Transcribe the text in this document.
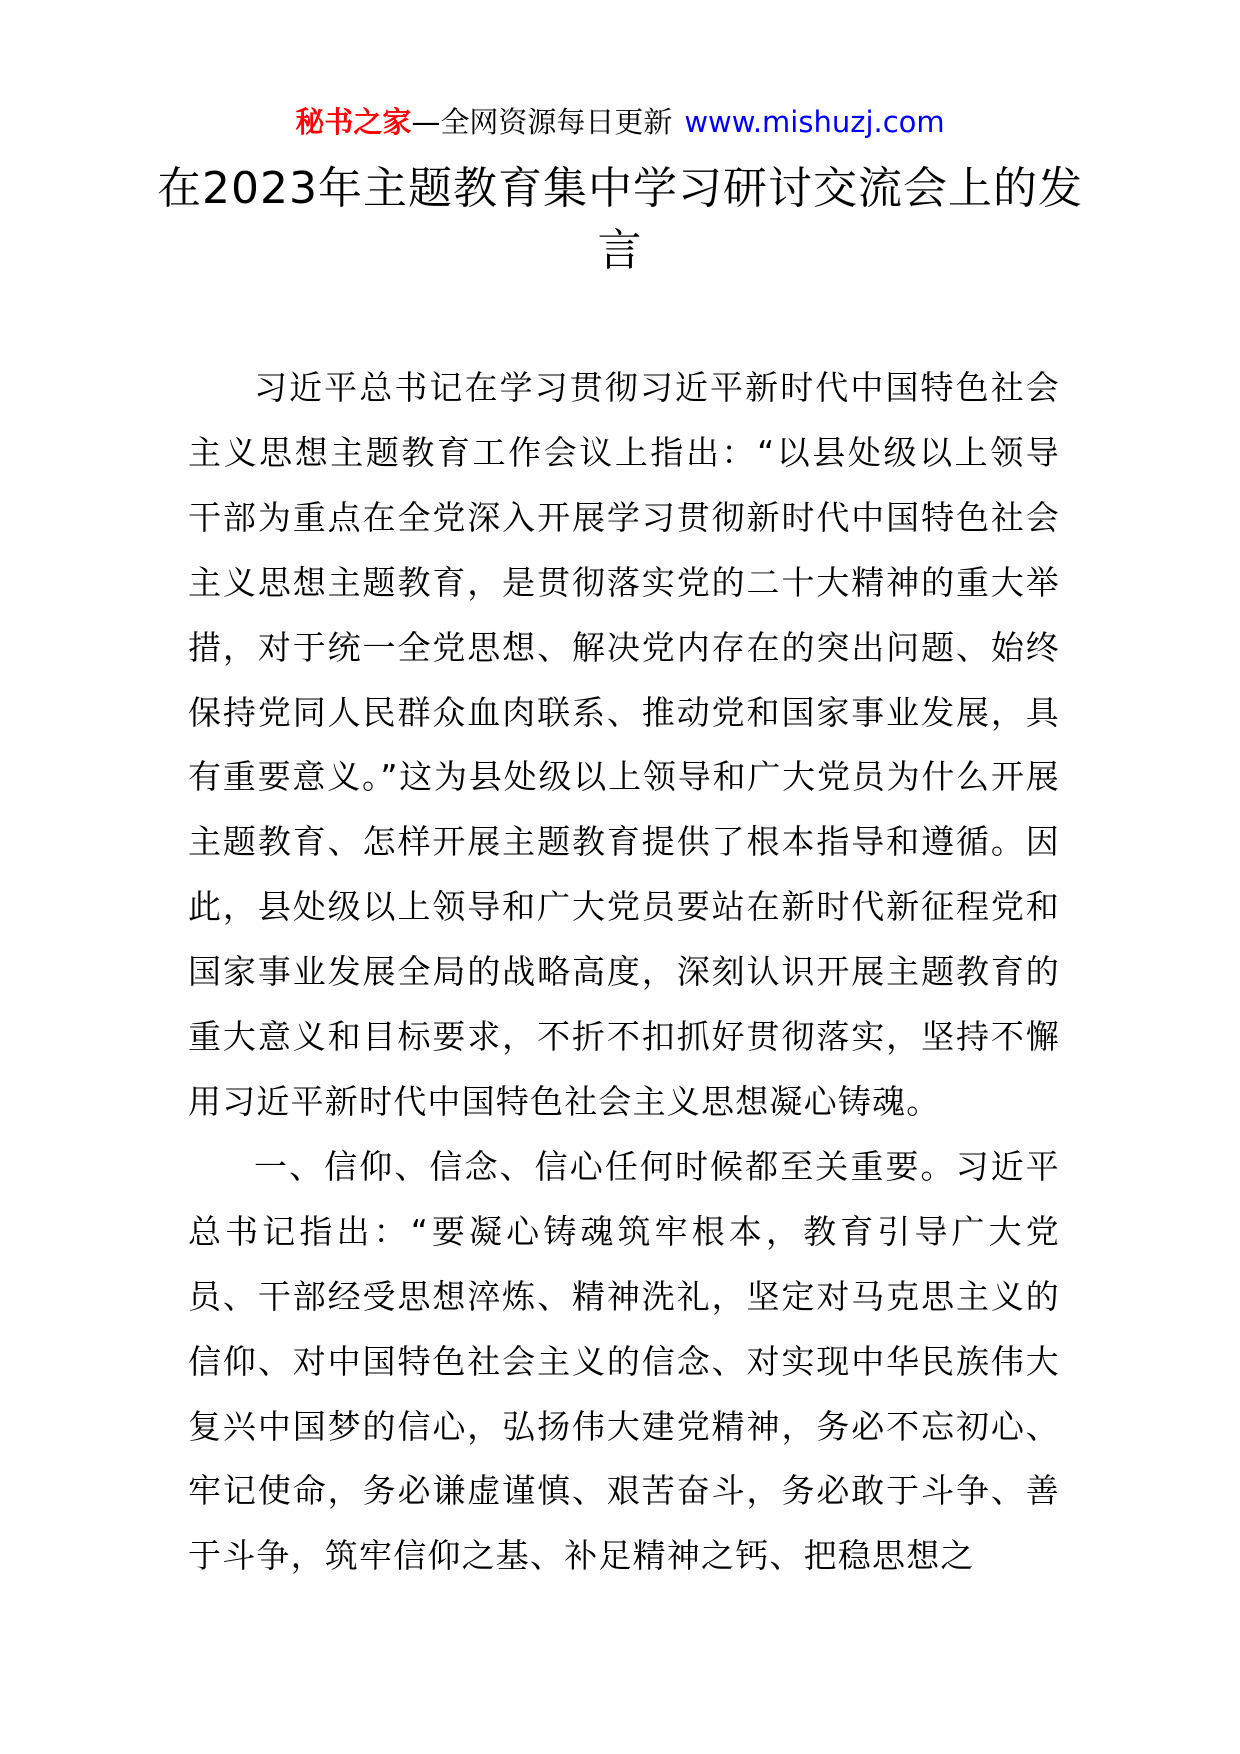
秘书之家—全网资源每日更新 www.mishuzj.com
在2023年主题教育集中学习研讨交流会上的发言

习近平总书记在学习贯彻习近平新时代中国特色社会主义思想主题教育工作会议上指出：“以县处级以上领导干部为重点在全党深入开展学习贯彻新时代中国特色社会主义思想主题教育，是贯彻落实党的二十大精神的重大举措，对于统一全党思想、解决党内存在的突出问题、始终保持党同人民群众血肉联系、推动党和国家事业发展，具有重要意义。”这为县处级以上领导和广大党员为什么开展主题教育、怎样开展主题教育提供了根本指导和遵循。因此，县处级以上领导和广大党员要站在新时代新征程党和国家事业发展全局的战略高度，深刻认识开展主题教育的重大意义和目标要求，不折不扣抓好贯彻落实，坚持不懈用习近平新时代中国特色社会主义思想凝心铸魂。

一、信仰、信念、信心任何时候都至关重要。习近平总书记指出：“要凝心铸魂筑牢根本，教育引导广大党员、干部经受思想淬炼、精神洗礼，坚定对马克思主义的信仰、对中国特色社会主义的信念、对实现中华民族伟大复兴中国梦的信心，弘扬伟大建党精神，务必不忘初心、牢记使命，务必谦虚谨慎、艰苦奋斗，务必敢于斗争、善于斗争，筑牢信仰之基、补足精神之钙、把稳思想之
